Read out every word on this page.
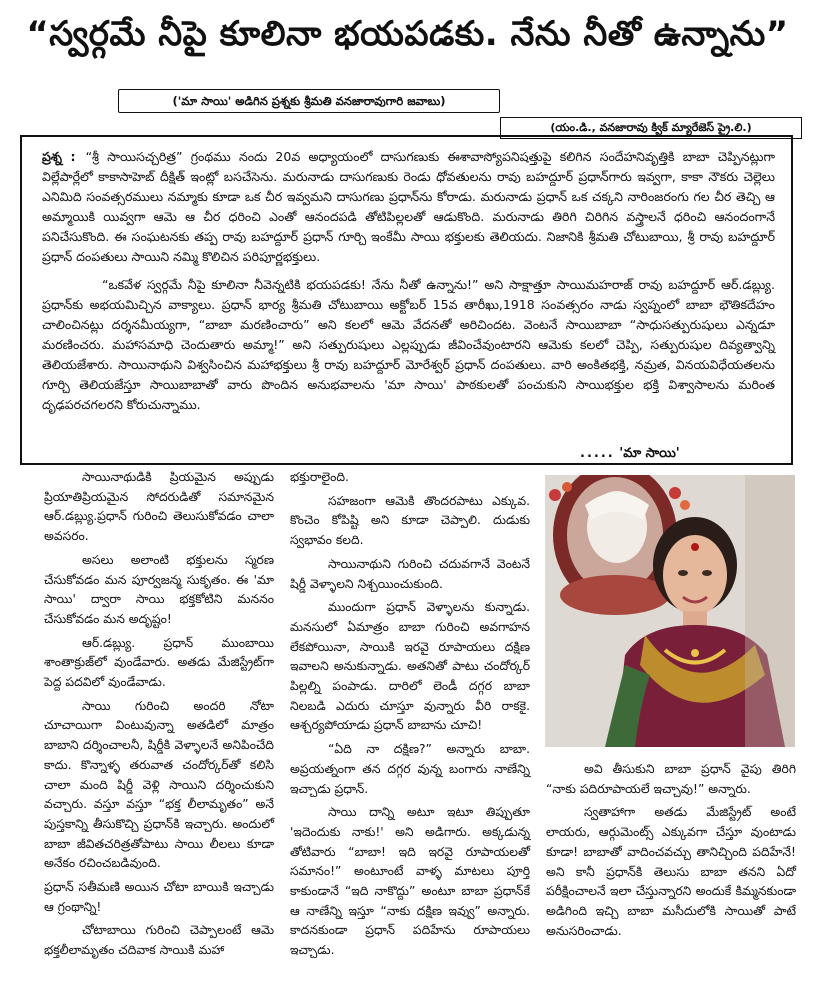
“స్వర్గమే నీపై కూలినా భయపడకు. నేను నీతో ఉన్నాను”
('మా సాయి' అడిగిన ప్రశ్నకు శ్రీమతి వనజారావుగారి జవాబు)
(యం.డి., వనజారావు క్విక్ మ్యారేజెస్ ప్రై.లి.)

ప్రశ్న : “శ్రీ సాయిసచ్చరిత్ర” గ్రంథము నందు 20వ అధ్యాయంలో దాసుగణుకు ఈశావాస్యోపనిషత్తుపై కలిగిన సందేహనివృత్తికి బాబా చెప్పినట్లుగా విల్లేపార్లేలో కాకాసాహెబ్ దీక్షిత్ ఇంట్లో బసచేసెను. మరునాడు దాసుగణుకు రెండు ధోవతులను రావు బహద్దూర్ ప్రధాన్‌గారు ఇవ్వగా, కాకా నౌకరు చెల్లెలు ఎనిమిది సంవత్సరములు నమ్మాకు కూడా ఒక చీర ఇవ్వమని దాసుగణు ప్రధాన్‌ను కోరాడు. మరునాడు ప్రధాన్ ఒక చక్కని నారింజరంగు గల చీర తెచ్చి ఆ అమ్మాయికి యివ్వగా ఆమె ఆ చీర ధరించి ఎంతో ఆనందపడి తోటిపిల్లలతో ఆడుకొంది. మరునాడు తిరిగి చిరిగిన వస్త్రాలనే ధరించి ఆనందంగానే పనిచేసుకొంది. ఈ సంఘటనకు తప్ప రావు బహద్దూర్ ప్రధాన్ గూర్చి ఇంకేమీ సాయి భక్తులకు తెలియదు. నిజానికి శ్రీమతి చోటుబాయి, శ్రీ రావు బహద్దూర్ ప్రధాన్ దంపతులు సాయిని నమ్మి కొలిచిన పరిపూర్ణభక్తులు.

“ఒకవేళ స్వర్గమే నీపై కూలినా నీవెన్నటికి భయపడకు! నేను నీతో ఉన్నాను!” అని సాక్షాత్తూ సాయిమహరాజ్ రావు బహద్దూర్ ఆర్.డబ్ల్యు. ప్రధాన్‌కు అభయమిచ్చిన వాక్యాలు. ప్రధాన్ భార్య శ్రీమతి చోటుబాయి అక్టోబర్ 15వ తారీఖు,1918 సంవత్సరం నాడు స్వప్నంలో బాబా భౌతికదేహం చాలించినట్లు దర్శనమీయ్యగా, “బాబా మరణించారు” అని కలలో ఆమె వేదనతో అరిచిందట. వెంటనే సాయిబాబా “సాధుసత్పురుషులు ఎన్నడూ మరణించరు. మహాసమాధి చెందుతారు అమ్మా!” అని సత్పురుషులు ఎల్లప్పుడు జీవించేవుంటారని ఆమెకు కలలో చెప్పి, సత్పురుషుల దివ్యత్వాన్ని తెలియజేశారు. సాయినాథుని విశ్వసించిన మహాభక్తులు శ్రీ రావు బహద్దూర్ మోరేశ్వర్ ప్రధాన్ దంపతులు. వారి అంకితభక్తి, నమ్రత, వినయవిధేయతలను గూర్చి తెలియజేస్తూ సాయిబాబాతో వారు పొందిన అనుభవాలను 'మా సాయి' పాఠకులతో పంచుకుని సాయిభక్తుల భక్తి విశ్వాసాలను మరింత దృఢపరచగలరని కోరుచున్నాము.

..... 'మా సాయి'

సాయినాథుడికి ప్రియమైన అప్పుడు ప్రియాతిప్రియమైన సోదరుడితో సమానమైన ఆర్.డబ్ల్యు.ప్రధాన్ గురించి తెలుసుకోవడం చాలా అవసరం.

అసలు అలాంటి భక్తులను స్మరణ చేసుకోవడం మన పూర్వజన్మ సుకృతం. ఈ 'మా సాయి' ద్వారా సాయి భక్తకోటిని మననం చేసుకోవడం మన అదృష్టం!

ఆర్.డబ్ల్యు. ప్రధాన్ ముంబాయి శాంతాక్రుజ్‌లో వుండేవారు. అతడు మేజిస్ట్రేట్‌గా పెద్ద పదవిలో వుండేవాడు.

సాయి గురించి అందరి నోటా చూచాయిగా వింటువున్నా అతడిలో మాత్రం బాబాని దర్శించాలనీ, షిర్డీకి వెళ్ళాలనే అనిపించేది కాదు. కొన్నాళ్ళ తరువాత చందోర్కర్‌తో కలిసి చాలా మంది షిర్డీ వెళ్లి సాయిని దర్శించుకుని వచ్చారు. వస్తూ వస్తూ “భక్త లీలామృతం” అనే పుస్తకాన్ని తీసుకొచ్చి ప్రధాన్‌కి ఇచ్చారు. అందులో బాబా జీవితచరిత్రతోపాటు సాయి లీలలు కూడా అనేకం రచించబడివుంది.

ప్రధాన్ సతీమణి అయిన చోటా బాయికి ఇచ్చాడు ఆ గ్రంథాన్ని!

చోటాబాయి గురించి చెప్పాలంటే ఆమె భక్తలీలామృతం చదివాక సాయికి మహా

భక్తురాలైంది.

సహజంగా ఆమెకి తొందరపాటు ఎక్కువ. కొంచెం కోపిష్టి అని కూడా చెప్పాలి. దుడుకు స్వభావం కలది.

సాయినాథుని గురించి చదువగానే వెంటనే షిర్డీ వెళ్ళాలని నిశ్చయించుకుంది.

ముందుగా ప్రధాన్ వెళ్ళాలను కున్నాడు. మనసులో ఏమాత్రం బాబా గురించి అవగాహన లేకపోయినా, సాయికి ఇరవై రూపాయలు దక్షిణ ఇవాలని అనుకున్నాడు. అతనితో పాటు చందోర్కర్ పిల్లల్ని పంపాడు. దారిలో లెండీ దగ్గర బాబా నిలబడి ఎదురు చూస్తూ వున్నారు వీరి రాకకై. ఆశ్చర్యపోయాడు ప్రధాన్ బాబాను చూచి!

“ఏది నా దక్షిణ?” అన్నారు బాబా. అప్రయత్నంగా తన దగ్గర వున్న బంగారు నాణేన్ని ఇచ్చాడు ప్రధాన్.

సాయి దాన్ని అటూ ఇటూ తిప్పుతూ 'ఇదెందుకు నాకు!' అని అడిగారు. అక్కడున్న తోటివారు “బాబా! ఇది ఇరవై రూపాయలతో సమానం!” అంటూంటే వాళ్ళ మాటలు పూర్తి కాకుండానే “ఇది నాకొద్దు” అంటూ బాబా ప్రధాన్‌కే ఆ నాణేన్ని ఇస్తూ “నాకు దక్షిణ ఇవ్వు” అన్నారు. కాదనకుండా ప్రధాన్ పదిహేను రూపాయలు ఇచ్చాడు.

అవి తీసుకుని బాబా ప్రధాన్ వైపు తిరిగి “నాకు పదిరూపాయలే ఇచ్చావు!” అన్నారు.

స్వతాహాగా అతడు మేజిస్ట్రేట్ అంటే లాయరు, ఆర్గుమెంట్స్ ఎక్కువగా చేస్తూ వుంటాడు కూడా! బాబాతో వాదించవచ్చు తానిచ్చింది పదిహేనే! అని కానీ ప్రధాన్‌కి తెలుసు బాబా తనని ఏదో పరీక్షించాలనే ఇలా చేస్తున్నారని అందుకే కిమ్మనకుండా అడిగింది ఇచ్చి బాబా మసీదులోకి సాయితో పాటే అనుసరించాడు.
